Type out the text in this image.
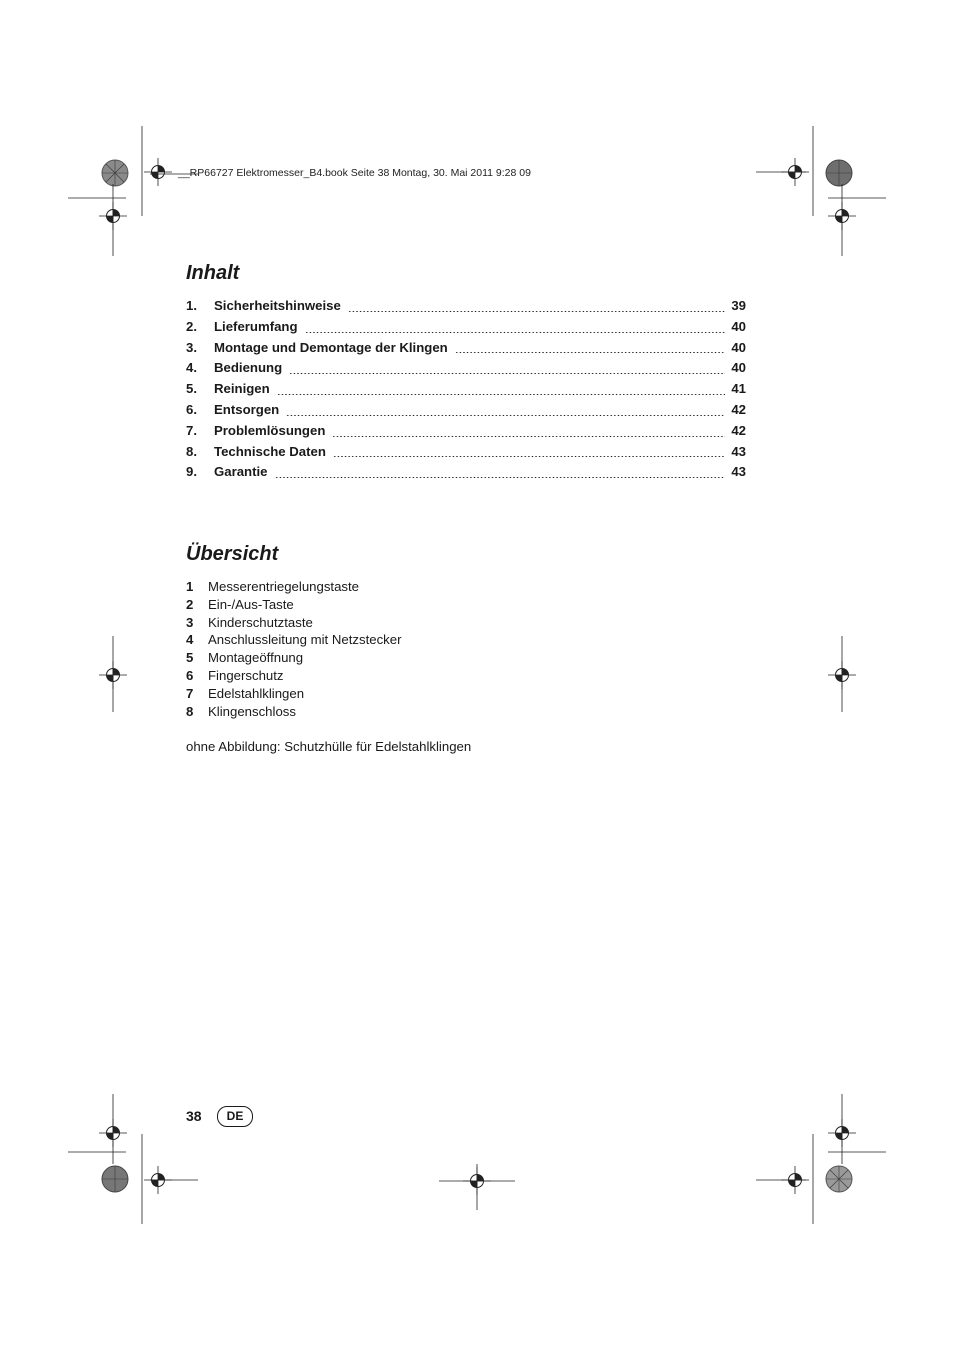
__RP66727 Elektromesser_B4.book Seite 38 Montag, 30. Mai 2011 9:28 09
Inhalt
1.	Sicherheitshinweise	39
2.	Lieferumfang	40
3.	Montage und Demontage der Klingen	40
4.	Bedienung	40
5.	Reinigen	41
6.	Entsorgen	42
7.	Problemlösungen	42
8.	Technische Daten	43
9.	Garantie	43
Übersicht
1 Messerentriegelungstaste
2 Ein-/Aus-Taste
3 Kinderschutztaste
4 Anschlussleitung mit Netzstecker
5 Montageöffnung
6 Fingerschutz
7 Edelstahlklingen
8 Klingenschloss
ohne Abbildung: Schutzhülle für Edelstahlklingen
38	DE
